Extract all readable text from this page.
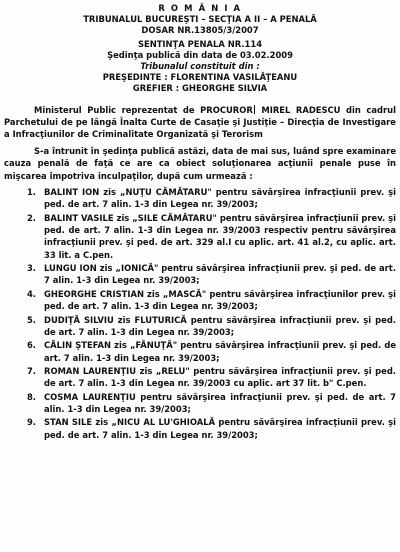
R O M Â N I A
TRIBUNALUL BUCUREŞTI – SECŢIA A II – A PENALĂ
DOSAR NR.13805/3/2007
SENTINŢA PENALA NR.114
Şedinţa publică din data de 03.02.2009
Tribunalul constituit din :
PREŞEDINTE : FLORENTINA VASILĂŢEANU
GREFIER : GHEORGHE SILVIA

Ministerul Public reprezentat de PROCUROR MIREL RADESCU din cadrul Parchetului de pe lângă Înalta Curte de Casaţie şi Justiţie – Direcţia de Investigare a Infracţiunilor de Criminalitate Organizată şi Terorism

S-a întrunit în şedinţa publică astăzi, data de mai sus, luând spre examinare cauza penală de faţă ce are ca obiect soluţionarea acţiunii penale puse în mişcarea împotriva inculpaţilor, după cum urmează :

1. BALINT ION zis „NUŢU CĂMĂTARU" pentru săvârşirea infracţiunii prev. şi ped. de art. 7 alin. 1-3 din Legea nr. 39/2003;
2. BALINT VASILE zis „SILE CĂMĂTARU" pentru săvârşirea infracţiunii prev. şi ped. de art. 7 alin. 1-3 din Legea nr. 39/2003 respectiv pentru săvârşirea infracţiunii prev. şi ped. de art. 329 al.I cu aplic. art. 41 al.2, cu aplic. art. 33 lit. a C.pen.
3. LUNGU ION zis „IONICĂ" pentru săvârşirea infracţiunii prev. şi ped. de art. 7 alin. 1-3 din Legea nr. 39/2003;
4. GHEORGHE CRISTIAN zis „MASCĂ" pentru săvârşirea infracţiunilor prev. şi ped. de art. 7 alin. 1-3 din Legea nr. 39/2003;
5. DUDIŢĂ SILVIU zis FLUTURICĂ pentru săvârşirea infracţiunii prev. şi ped. de art. 7 alin. 1-3 din Legea nr. 39/2003;
6. CĂLIN ŞTEFAN zis „FĂNUŢĂ" pentru săvârşirea infracţiunii prev. şi ped. de art. 7 alin. 1-3 din Legea nr. 39/2003;
7. ROMAN LAURENŢIU zis „RELU" pentru săvârşirea infracţiunii prev. şi ped. de art. 7 alin. 1-3 din Legea nr. 39/2003 cu aplic. art 37 lit. b" C.pen.
8. COSMA LAURENŢIU pentru săvârşirea infracţiunii prev. şi ped. de art. 7 alin. 1-3 din Legea nr. 39/2003;
9. STAN SILE zis „NICU AL LU'GHIOALĂ pentru săvârşirea infracţiunii prev. şi ped. de art. 7 alin. 1-3 din Legea nr. 39/2003;
